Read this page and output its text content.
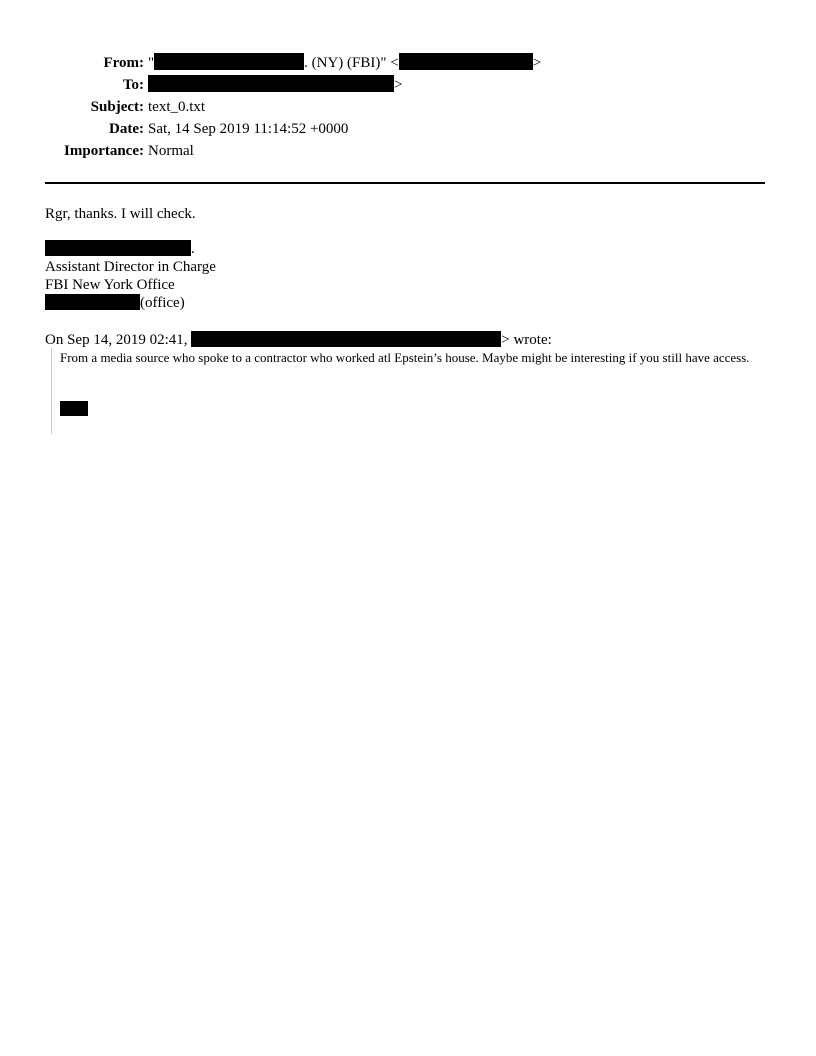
From: "	. (NY) (FBI)" <	>
To:	>
Subject: text_0.txt
Date: Sat, 14 Sep 2019 11:14:52 +0000
Importance: Normal
Rgr, thanks. I will check.
.
Assistant Director in Charge
FBI New York Office
(office)
On Sep 14, 2019 02:41,	> wrote:
From a media source who spoke to a contractor who worked atl Epstein’s house. Maybe might be interesting if you still have access.
